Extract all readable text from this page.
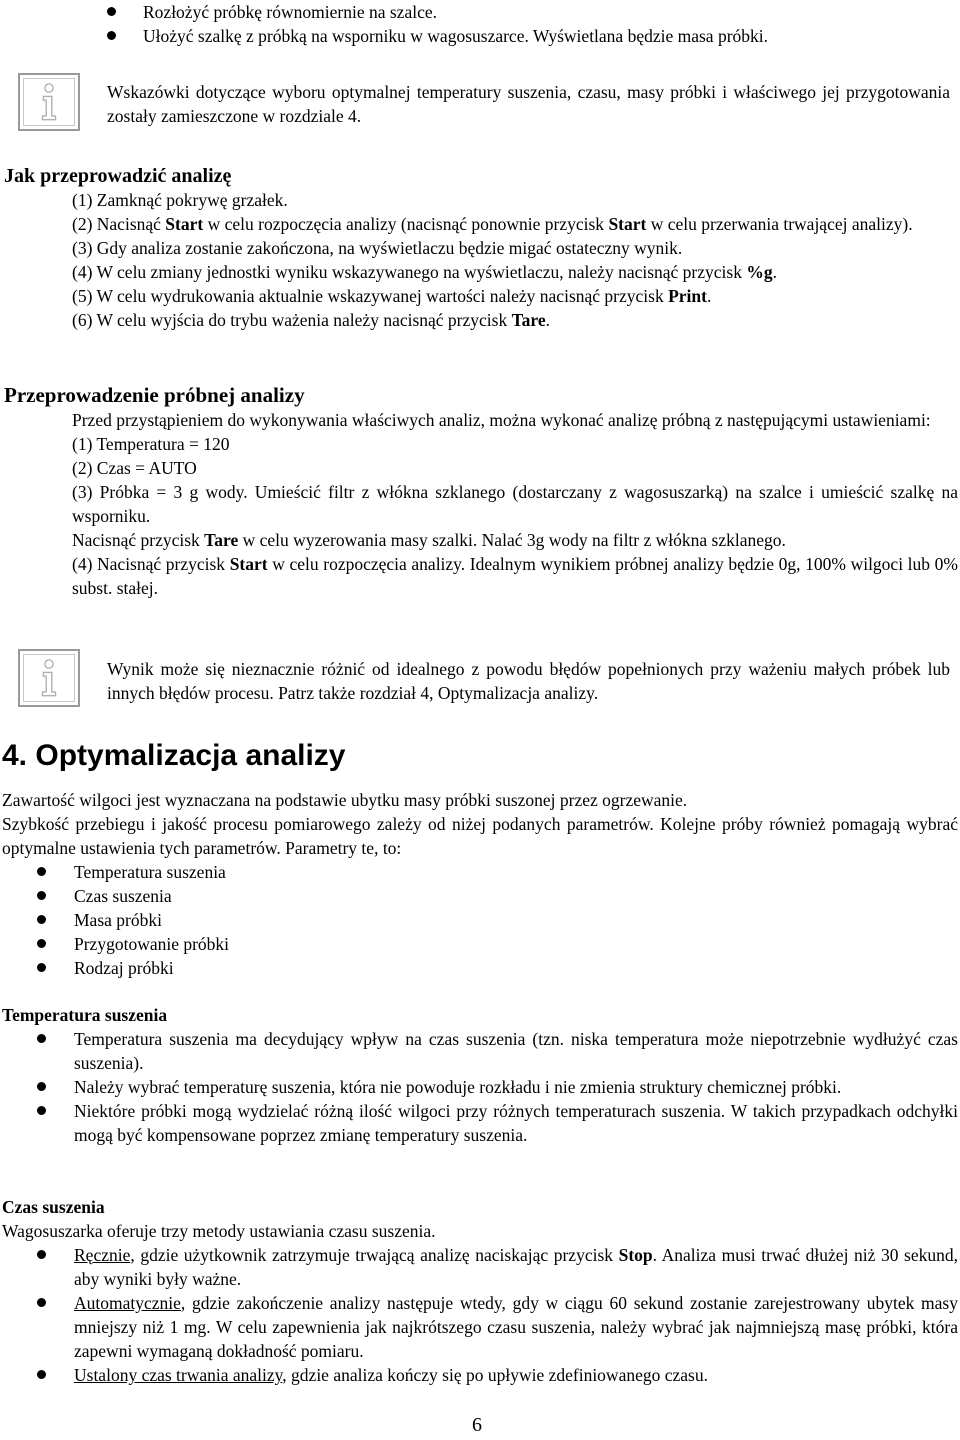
Rozłożyć próbkę równomiernie na szalce.
Ułożyć szalkę z próbką na wsporniku w wagosuszarce. Wyświetlana będzie masa próbki.
Wskazówki dotyczące wyboru optymalnej temperatury suszenia, czasu, masy próbki i właściwego jej przygotowania zostały zamieszczone w rozdziale 4.
Jak przeprowadzić analizę
(1) Zamknąć pokrywę grzałek.
(2) Nacisnąć Start w celu rozpoczęcia analizy (nacisnąć ponownie przycisk Start w celu przerwania trwającej analizy).
(3) Gdy analiza zostanie zakończona, na wyświetlaczu będzie migać ostateczny wynik.
(4) W celu zmiany jednostki wyniku wskazywanego na wyświetlaczu, należy nacisnąć przycisk %g.
(5) W celu wydrukowania aktualnie wskazywanej wartości należy nacisnąć przycisk Print.
(6) W celu wyjścia do trybu ważenia należy nacisnąć przycisk Tare.
Przeprowadzenie próbnej analizy
Przed przystąpieniem do wykonywania właściwych analiz, można wykonać analizę próbną z następującymi ustawieniami:
(1) Temperatura = 120
(2) Czas = AUTO
(3) Próbka = 3 g wody. Umieścić filtr z włókna szklanego (dostarczany z wagosuszarką) na szalce i umieścić szalkę na wsporniku.
Nacisnąć przycisk Tare w celu wyzerowania masy szalki. Nalać 3g wody na filtr z włókna szklanego.
(4) Nacisnąć przycisk Start w celu rozpoczęcia analizy. Idealnym wynikiem próbnej analizy będzie 0g, 100% wilgoci lub 0% subst. stałej.
Wynik może się nieznacznie różnić od idealnego z powodu błędów popełnionych przy ważeniu małych próbek lub innych błędów procesu. Patrz także rozdział 4, Optymalizacja analizy.
4. Optymalizacja analizy
Zawartość wilgoci jest wyznaczana na podstawie ubytku masy próbki suszonej przez ogrzewanie.
Szybkość przebiegu i jakość procesu pomiarowego zależy od niżej podanych parametrów. Kolejne próby również pomagają wybrać optymalne ustawienia tych parametrów. Parametry te, to:
Temperatura suszenia
Czas suszenia
Masa próbki
Przygotowanie próbki
Rodzaj próbki
Temperatura suszenia
Temperatura suszenia ma decydujący wpływ na czas suszenia (tzn. niska temperatura może niepotrzebnie wydłużyć czas suszenia).
Należy wybrać temperaturę suszenia, która nie powoduje rozkładu i nie zmienia struktury chemicznej próbki.
Niektóre próbki mogą wydzielać różną ilość wilgoci przy różnych temperaturach suszenia. W takich przypadkach odchyłki mogą być kompensowane poprzez zmianę temperatury suszenia.
Czas suszenia
Wagosuszarka oferuje trzy metody ustawiania czasu suszenia.
Ręcznie, gdzie użytkownik zatrzymuje trwającą analizę naciskając przycisk Stop. Analiza musi trwać dłużej niż 30 sekund, aby wyniki były ważne.
Automatycznie, gdzie zakończenie analizy następuje wtedy, gdy w ciągu 60 sekund zostanie zarejestrowany ubytek masy mniejszy niż 1 mg. W celu zapewnienia jak najkrótszego czasu suszenia, należy wybrać jak najmniejszą masę próbki, która zapewni wymaganą dokładność pomiaru.
Ustalony czas trwania analizy, gdzie analiza kończy się po upływie zdefiniowanego czasu.
6
